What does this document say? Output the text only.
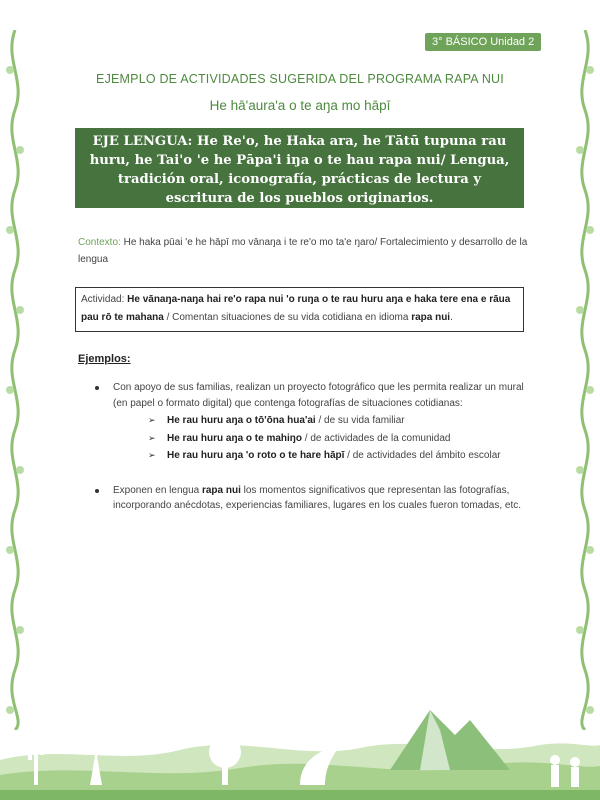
3° BÁSICO Unidad 2
EJEMPLO DE ACTIVIDADES SUGERIDA DEL PROGRAMA RAPA NUI
He hā'aura'a o te aŋa mo hāpī
EJE LENGUA: He Re'o, he Haka ara, he Tātū tupuna rau huru, he Tai'o 'e he Pāpa'i iŋa o te hau rapa nui/ Lengua, tradición oral, iconografía, prácticas de lectura y escritura de los pueblos originarios.
Contexto: He haka pūai 'e he hāpī mo vānaŋa i te re'o mo ta'e ŋaro/ Fortalecimiento y desarrollo de la lengua
Actividad: He vānaŋa-naŋa hai re'o rapa nui 'o ruŋa o te rau huru aŋa e haka tere ena e rāua pau rō te mahana / Comentan situaciones de su vida cotidiana en idioma rapa nui.
Ejemplos:
Con apoyo de sus familias, realizan un proyecto fotográfico que les permita realizar un mural (en papel o formato digital) que contenga fotografías de situaciones cotidianas:
➢ He rau huru aŋa o tō'ōna hua'ai / de su vida familiar
➢ He rau huru aŋa o te mahiŋo / de actividades de la comunidad
➢ He rau huru aŋa 'o roto o te hare hāpī / de actividades del ámbito escolar
Exponen en lengua rapa nui los momentos significativos que representan las fotografías, incorporando anécdotas, experiencias familiares, lugares en los cuales fueron tomadas, etc.
